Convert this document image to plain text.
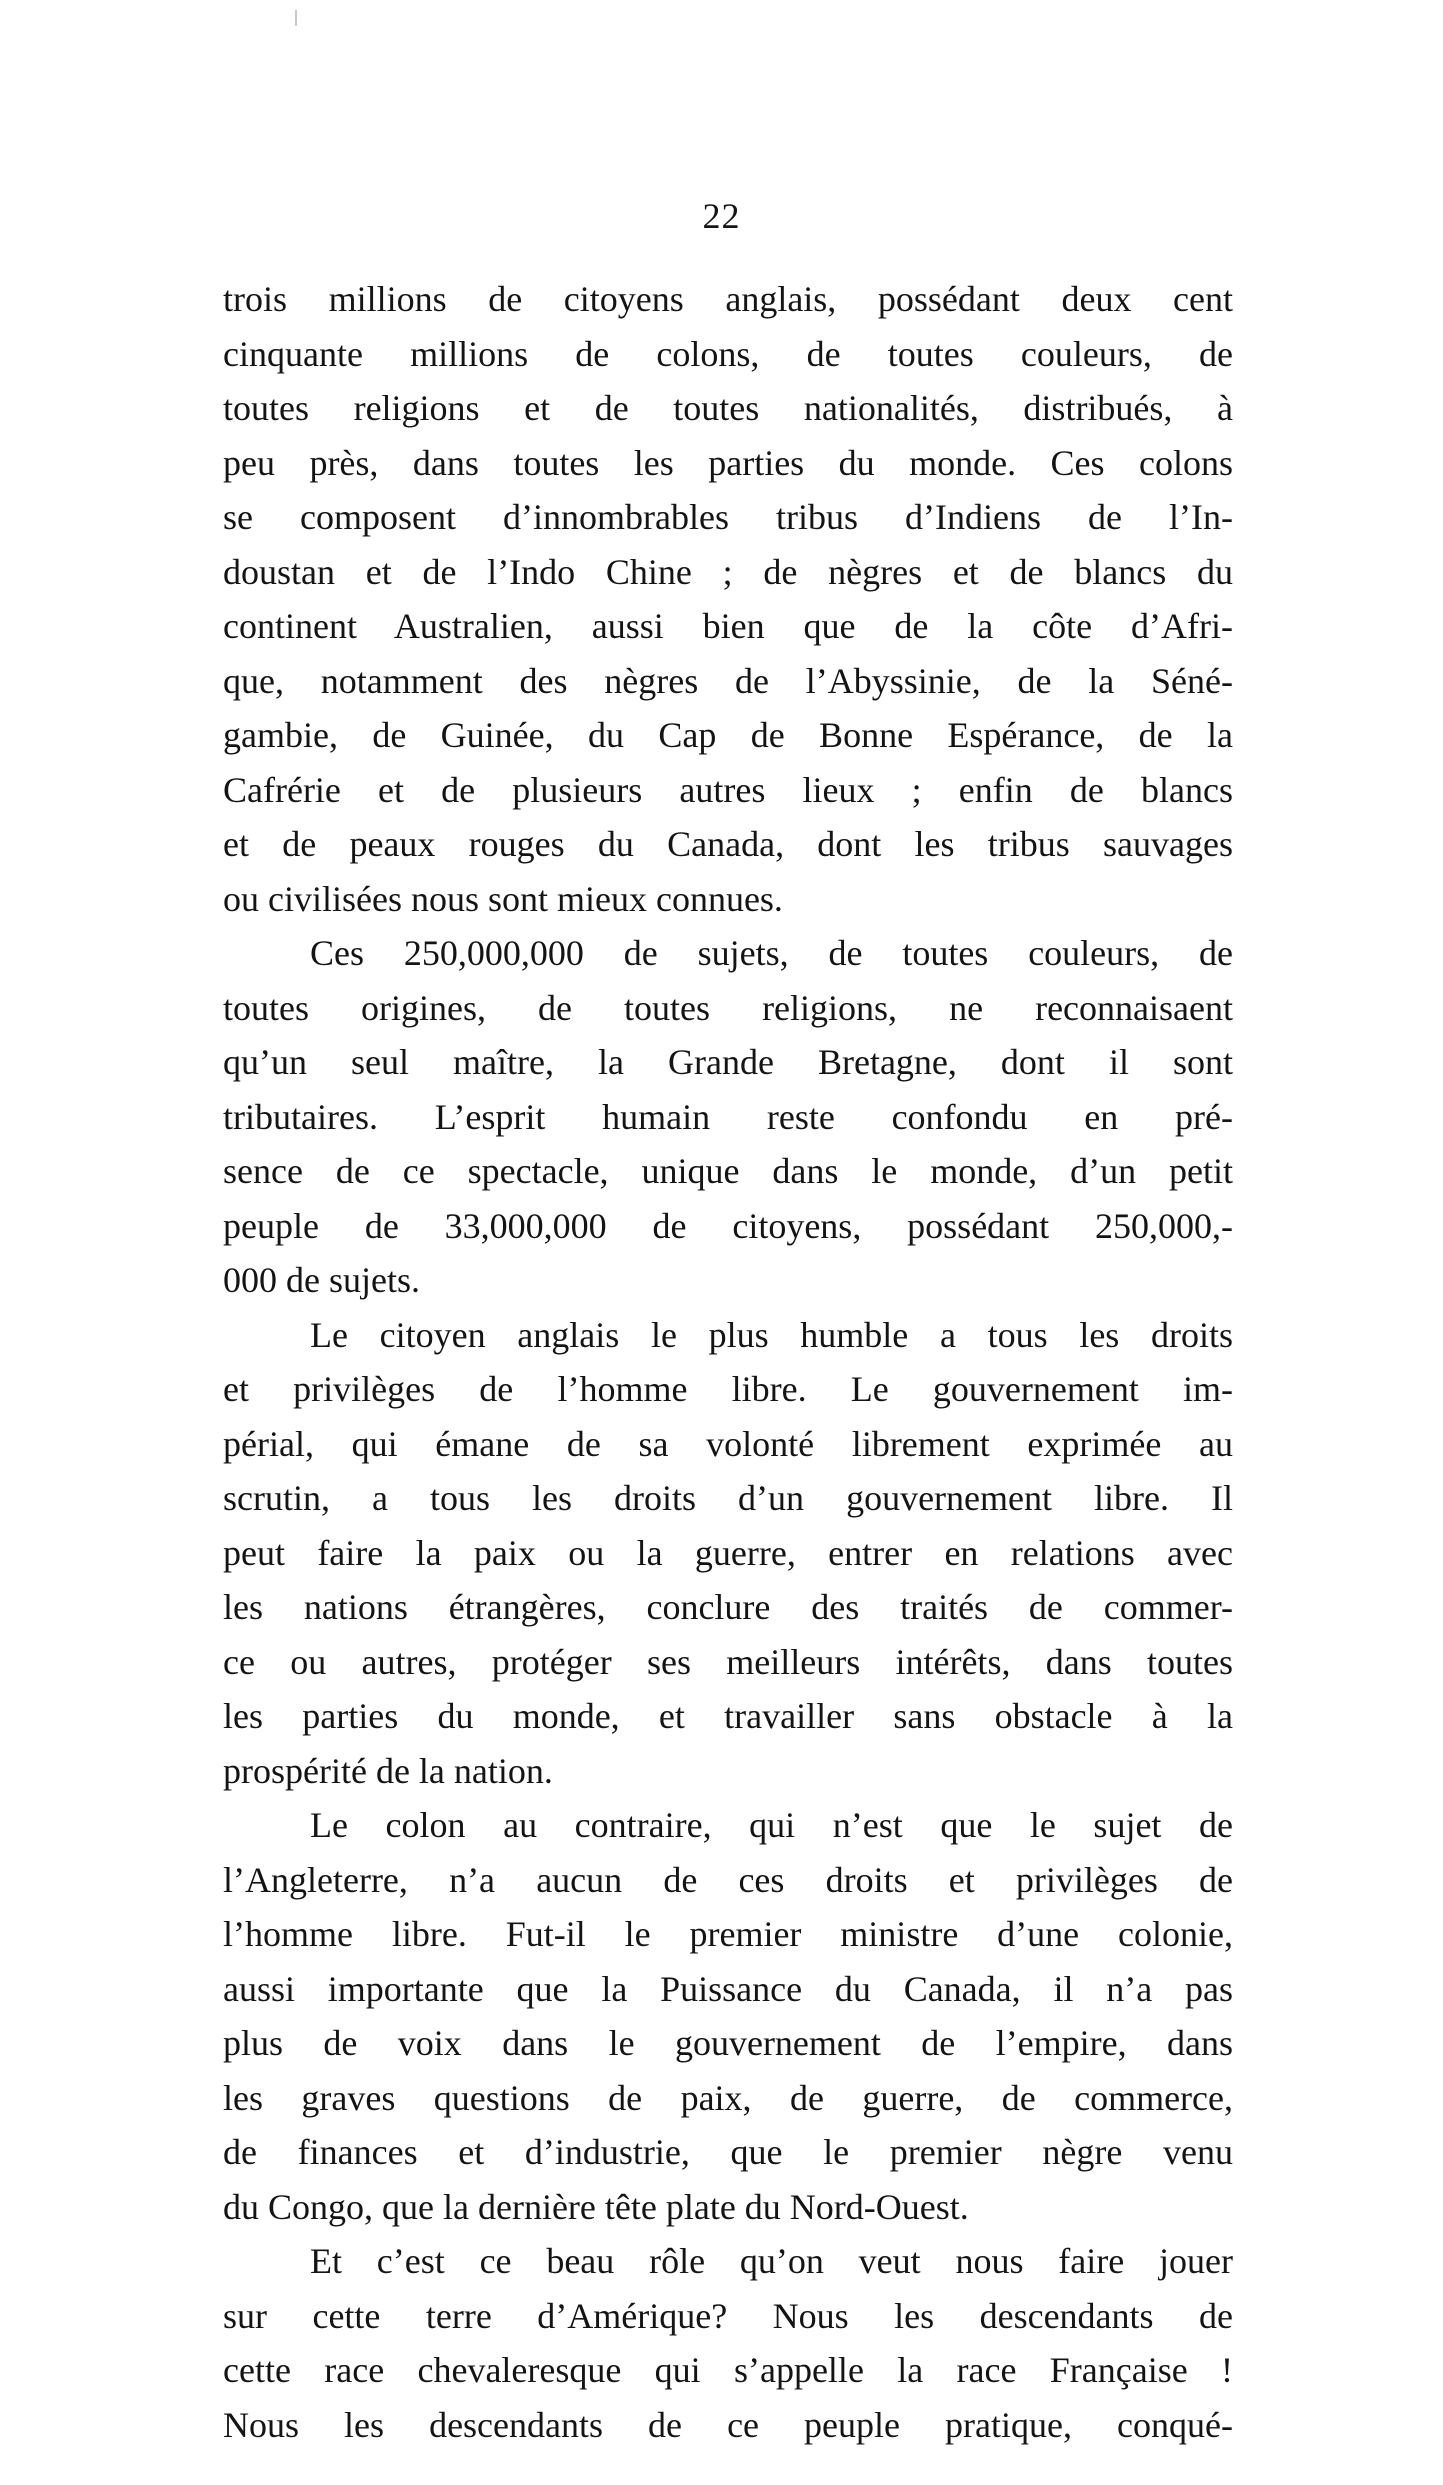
22
trois millions de citoyens anglais, possédant deux cent
cinquante millions de colons, de toutes couleurs, de
toutes religions et de toutes nationalités, distribués, à
peu près, dans toutes les parties du monde. Ces colons
se composent d’innombrables tribus d’Indiens de l’In-
doustan et de l’Indo Chine ; de nègres et de blancs du
continent Australien, aussi bien que de la côte d’Afri-
que, notamment des nègres de l’Abyssinie, de la Séné-
gambie, de Guinée, du Cap de Bonne Espérance, de la
Cafrérie et de plusieurs autres lieux ; enfin de blancs
et de peaux rouges du Canada, dont les tribus sauvages
ou civilisées nous sont mieux connues.
Ces 250,000,000 de sujets, de toutes couleurs, de
toutes origines, de toutes religions, ne reconnaisaent
qu’un seul maître, la Grande Bretagne, dont il sont
tributaires. L’esprit humain reste confondu en pré-
sence de ce spectacle, unique dans le monde, d’un petit
peuple de 33,000,000 de citoyens, possédant 250,000,-
000 de sujets.
Le citoyen anglais le plus humble a tous les droits
et privilèges de l’homme libre. Le gouvernement im-
périal, qui émane de sa volonté librement exprimée au
scrutin, a tous les droits d’un gouvernement libre. Il
peut faire la paix ou la guerre, entrer en relations avec
les nations étrangères, conclure des traités de commer-
ce ou autres, protéger ses meilleurs intérêts, dans toutes
les parties du monde, et travailler sans obstacle à la
prospérité de la nation.
Le colon au contraire, qui n’est que le sujet de
l’Angleterre, n’a aucun de ces droits et privilèges de
l’homme libre. Fut-il le premier ministre d’une colonie,
aussi importante que la Puissance du Canada, il n’a pas
plus de voix dans le gouvernement de l’empire, dans
les graves questions de paix, de guerre, de commerce,
de finances et d’industrie, que le premier nègre venu
du Congo, que la dernière tête plate du Nord-Ouest.
Et c’est ce beau rôle qu’on veut nous faire jouer
sur cette terre d’Amérique? Nous les descendants de
cette race chevaleresque qui s’appelle la race Française !
Nous les descendants de ce peuple pratique, conqué-
